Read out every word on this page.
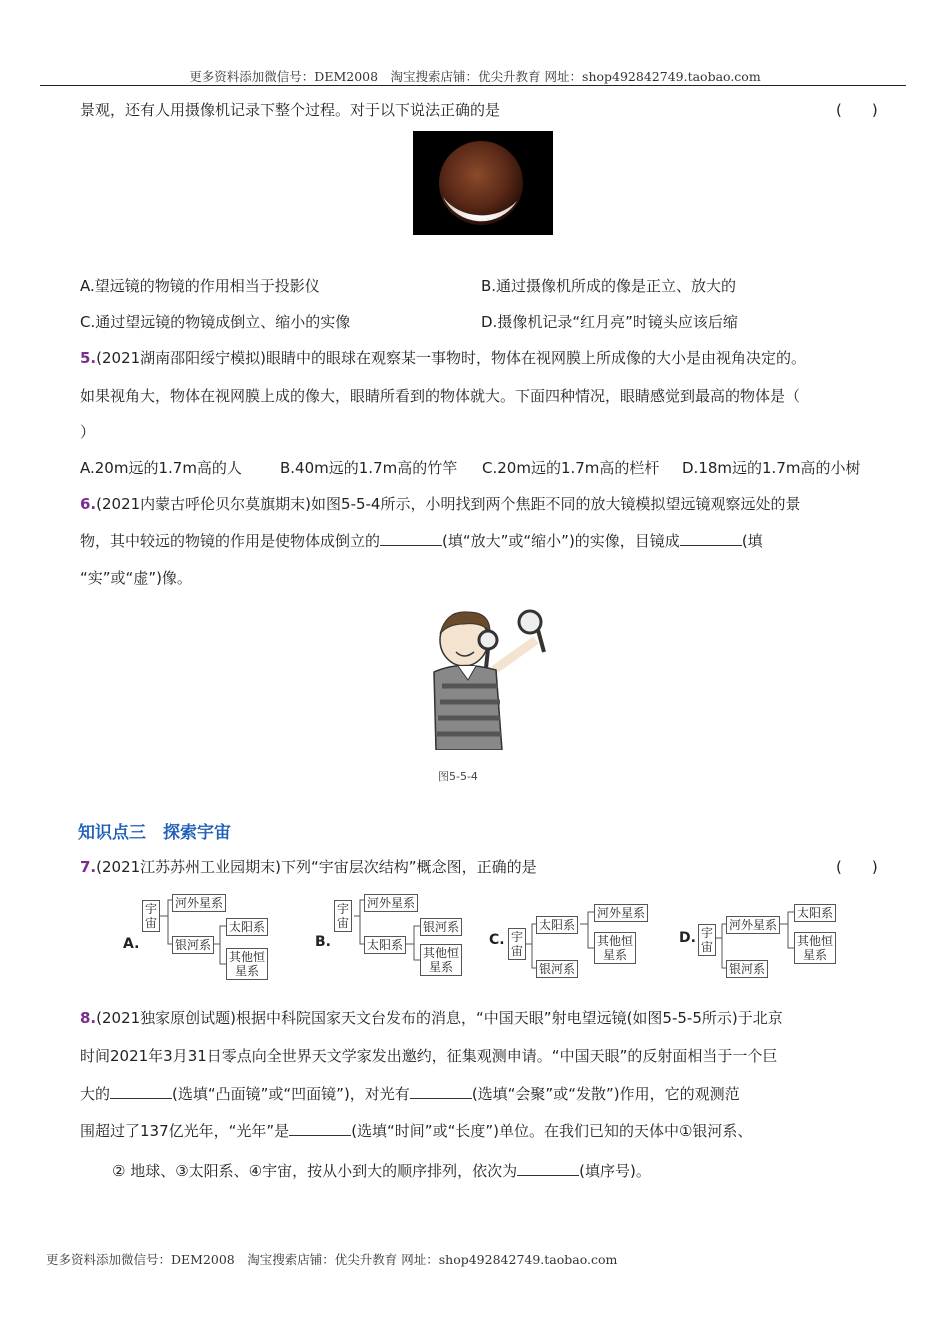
更多资料添加微信号：DEM2008　淘宝搜索店铺：优尖升教育 网址：shop492842749.taobao.com
景观，还有人用摄像机记录下整个过程。对于以下说法正确的是	(　　)
A.望远镜的物镜的作用相当于投影仪	B.通过摄像机所成的像是正立、放大的
C.通过望远镜的物镜成倒立、缩小的实像	D.摄像机记录“红月亮”时镜头应该后缩
5.(2021湖南邵阳绥宁模拟)眼睛中的眼球在观察某一事物时，物体在视网膜上所成像的大小是由视角决定的。
如果视角大，物体在视网膜上成的像大，眼睛所看到的物体就大。下面四种情况，眼睛感觉到最高的物体是（
）
A.20m远的1.7m高的人	B.40m远的1.7m高的竹竿 C.20m远的1.7m高的栏杆 D.18m远的1.7m高的小树
6.(2021内蒙古呼伦贝尔莫旗期末)如图5-5-4所示，小明找到两个焦距不同的放大镜模拟望远镜观察远处的景
物，其中较远的物镜的作用是使物体成倒立的	(填“放大”或“缩小”)的实像，目镜成	(填
“实”或“虚”)像。
图5-5-4
知识点三　探索宇宙
7.(2021江苏苏州工业园期末)下列“宇宙层次结构”概念图，正确的是	(　　)
A.
宇宙
河外星系
银河系
太阳系
其他恒星系
B.
宇宙
河外星系
太阳系
银河系
其他恒星系
C. 宇宙
太阳系
银河系
河外星系
其他恒星系
D. 宇宙
河外星系
银河系
太阳系
其他恒星系
8.(2021独家原创试题)根据中科院国家天文台发布的消息，“中国天眼”射电望远镜(如图5-5-5所示)于北京
时间2021年3月31日零点向全世界天文学家发出邀约，征集观测申请。“中国天眼”的反射面相当于一个巨
大的	(选填“凸面镜”或“凹面镜”)，对光有	(选填“会聚”或“发散”)作用，它的观测范
围超过了137亿光年，“光年”是	(选填“时间”或“长度”)单位。在我们已知的天体中①银河系、
② 地球、③太阳系、④宇宙，按从小到大的顺序排列，依次为	(填序号)。
更多资料添加微信号：DEM2008　淘宝搜索店铺：优尖升教育 网址：shop492842749.taobao.com
